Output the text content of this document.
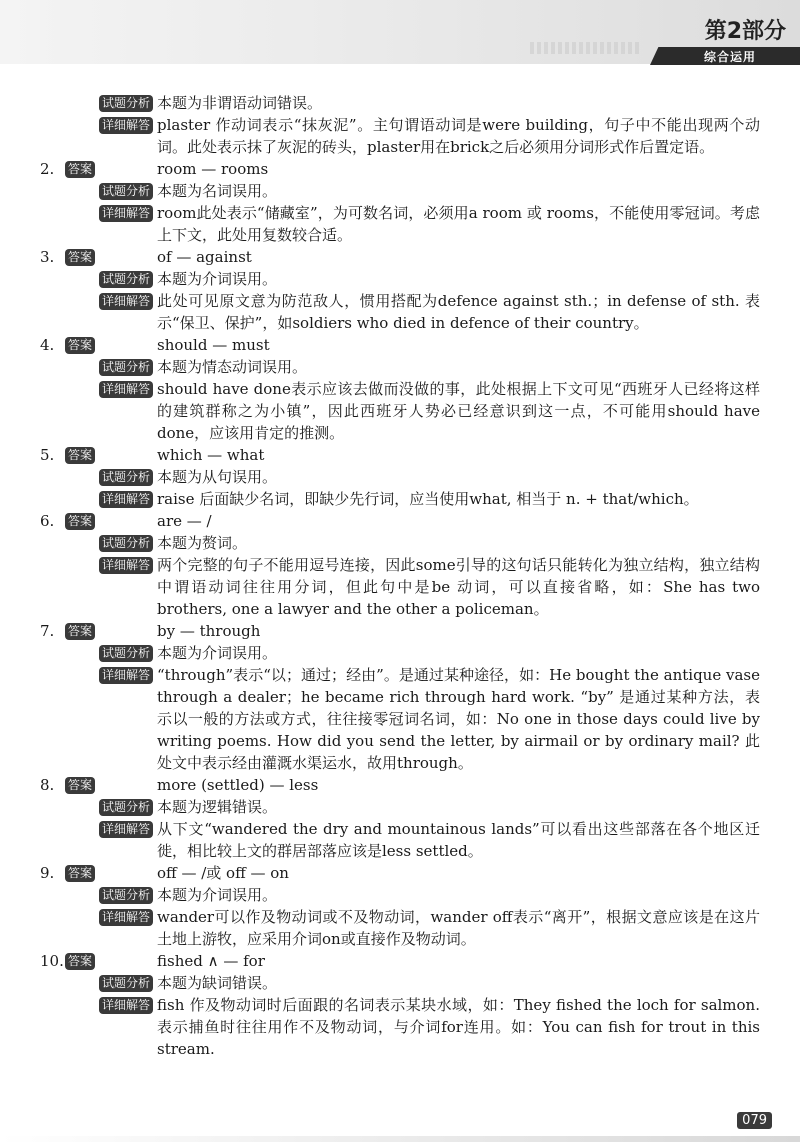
第2部分
综合运用
试题分析 本题为非谓语动词错误。
详细解答 plaster 作动词表示“抹灰泥”。主句谓语动词是were building，句子中不能出现两个动词。此处表示抹了灰泥的砖头，plaster用在brick之后必须用分词形式作后置定语。
2.	答案	room — rooms
试题分析 本题为名词误用。
详细解答 room此处表示“储藏室”，为可数名词，必须用a room 或 rooms，不能使用零冠词。考虑上下文，此处用复数较合适。
3.	答案	of — against
试题分析 本题为介词误用。
详细解答 此处可见原文意为防范敌人，惯用搭配为defence against sth.；in defense of sth. 表示“保卫、保护”，如soldiers who died in defence of their country。
4.	答案	should — must
试题分析 本题为情态动词误用。
详细解答 should have done表示应该去做而没做的事，此处根据上下文可见“西班牙人已经将这样的建筑群称之为小镇”，因此西班牙人势必已经意识到这一点，不可能用should have done，应该用肯定的推测。
5.	答案	which — what
试题分析 本题为从句误用。
详细解答 raise 后面缺少名词，即缺少先行词，应当使用what, 相当于 n. + that/which。
6.	答案	are — /
试题分析 本题为赘词。
详细解答 两个完整的句子不能用逗号连接，因此some引导的这句话只能转化为独立结构，独立结构中谓语动词往往用分词，但此句中是be 动词，可以直接省略，如：She has two brothers, one a lawyer and the other a policeman。
7.	答案	by — through
试题分析 本题为介词误用。
详细解答 “through”表示“以；通过；经由”。是通过某种途径，如：He bought the antique vase through a dealer；he became rich through hard work. “by” 是通过某种方法，表示以一般的方法或方式，往往接零冠词名词，如：No one in those days could live by writing poems. How did you send the letter, by airmail or by ordinary mail? 此处文中表示经由灌溉水渠运水，故用through。
8.	答案	more (settled) — less
试题分析 本题为逻辑错误。
详细解答 从下文“wandered the dry and mountainous lands”可以看出这些部落在各个地区迁徙，相比较上文的群居部落应该是less settled。
9.	答案	off — /或 off — on
试题分析 本题为介词误用。
详细解答 wander可以作及物动词或不及物动词，wander off表示“离开”，根据文意应该是在这片土地上游牧，应采用介词on或直接作及物动词。
10. 答案	fished ∧ — for
试题分析 本题为缺词错误。
详细解答 fish 作及物动词时后面跟的名词表示某块水域，如：They fished the loch for salmon. 表示捕鱼时往往用作不及物动词，与介词for连用。如：You can fish for trout in this stream.
079
